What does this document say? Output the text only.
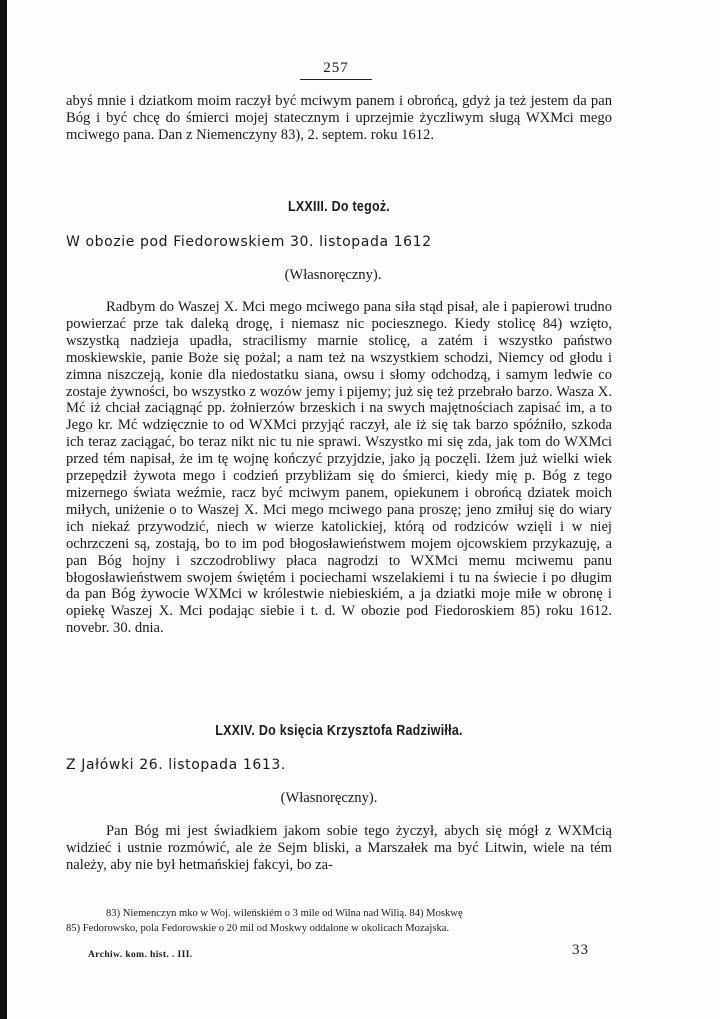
257

abyś mnie i dziatkom moim raczył być mciwym panem i obrońcą, gdyż ja też jestem da pan Bóg i być chcę do śmierci mojej statecznym i uprzejmie życzliwym sługą WXMci mego mciwego pana. Dan z Niemenczyny 83), 2. septem. roku 1612.

LXXIII. Do tegoż.
W obozie pod Fiedorowskiem 30. listopada 1612
(Własnoręczny).

Radbym do Waszej X. Mci mego mciwego pana siła stąd pisał, ale i papierowi trudno powierzać prze tak daleką drogę, i niemasz nic pociesznego. Kiedy stolicę 84) wzięto, wszystką nadzieja upadła, stracilismy marnie stolicę, a zatém i wszystko państwo moskiewskie, panie Boże się pożal; a nam też na wszystkiem schodzi, Niemcy od głodu i zimna niszczeją, konie dla niedostatku siana, owsu i słomy odchodzą, i samym ledwie co zostaje żywności, bo wszystko z wozów jemy i pijemy; już się też przebrało barzo. Wasza X. Mć iż chciał zaciągnąć pp. żołnierzów brzeskich i na swych majętnościach zapisać im, a to Jego kr. Mć wdzięcznie to od WXMci przyjąć raczył, ale iż się tak barzo spóźniło, szkoda ich teraz zaciągać, bo teraz nikt nic tu nie sprawi. Wszystko mi się zda, jak tom do WXMci przed tém napisał, że im tę wojnę kończyć przyjdzie, jako ją poczęli. Iżem już wielki wiek przepędził żywota mego i codzień przybliżam się do śmierci, kiedy mię p. Bóg z tego mizernego świata weźmie, racz być mciwym panem, opiekunem i obrońcą dziatek moich miłych, uniżenie o to Waszej X. Mci mego mciwego pana proszę; jeno zmiłuj się do wiary ich niekaź przywodzić, niech w wierze katolickiej, którą od rodziców wzięli i w niej ochrzczeni są, zostają, bo to im pod błogosławieństwem mojem ojcowskiem przykazuję, a pan Bóg hojny i szczodrobliwy płaca nagrodzi to WXMci memu mciwemu panu błogosławieństwem swojem świętém i pociechami wszelakiemi i tu na świecie i po długim da pan Bóg żywocie WXMci w królestwie niebieskiém, a ja dziatki moje miłe w obronę i opiekę Waszej X. Mci podając siebie i t. d. W obozie pod Fiedoroskiem 85) roku 1612. novebr. 30. dnia.

LXXIV. Do księcia Krzysztofa Radziwiłła.
Z Jałówki 26. listopada 1613.
(Własnoręczny).

Pan Bóg mi jest świadkiem jakom sobie tego życzył, abych się mógł z WXMcią widzieć i ustnie rozmówić, ale że Sejm bliski, a Marszałek ma być Litwin, wiele na tém należy, aby nie był hetmańskiej fakcyi, bo za-

83) Niemenczyn mko w Woj. wileńskiém o 3 mile od Wilna nad Wilią. 84) Moskwę

85) Fedorowsko, pola Fedorowskie o 20 mil od Moskwy oddalone w okolicach Mozajska.

Archiw. kom. hist. . III.	33
